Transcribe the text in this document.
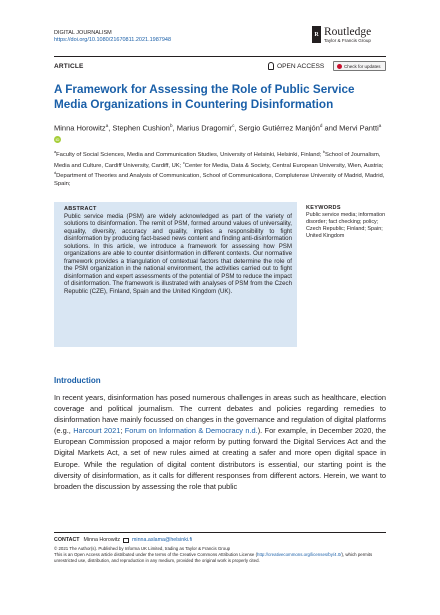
DIGITAL JOURNALISM
https://doi.org/10.1080/21670811.2021.1987948
R Routledge
Taylor & Francis Group
ARTICLE	OPEN ACCESS	Check for updates
A Framework for Assessing the Role of Public Service Media Organizations in Countering Disinformation
Minna Horowitz$^a$, Stephen Cushion$^b$, Marius Dragomir$^c$, Sergio Gutiérrez Manjón$^d$ and Mervi Pantti$^a$ iD
$^a$Faculty of Social Sciences, Media and Communication Studies, University of Helsinki, Helsinki, Finland; $^b$School of Journalism, Media and Culture, Cardiff University, Cardiff, UK; $^c$Center for Media, Data & Society, Central European University, Wien, Austria; $^d$Department of Theories and Analysis of Communication, School of Communications, Complutense University of Madrid, Madrid, Spain;
ABSTRACT

Public service media (PSM) are widely acknowledged as part of the variety of solutions to disinformation. The remit of PSM, formed around values of universality, equality, diversity, accuracy and quality, implies a responsibility to fight disinformation by producing fact-based news content and finding anti-disinformation solutions. In this article, we introduce a framework for assessing how PSM organizations are able to counter disinformation in different contexts. Our normative framework provides a triangulation of contextual factors that determine the role of the PSM organization in the national environment, the activities carried out to fight disinformation and expert assessments of the potential of PSM to reduce the impact of disinformation. The framework is illustrated with analyses of PSM from the Czech Republic (CZE), Finland, Spain and the United Kingdom (UK).

KEYWORDS

Public service media; information disorder; fact checking; policy; Czech Republic; Finland; Spain; United Kingdom

Introduction

In recent years, disinformation has posed numerous challenges in areas such as healthcare, election coverage and political journalism. The current debates and policies regarding remedies to disinformation have mainly focussed on changes in the governance and regulation of digital platforms (e.g., Harcourt 2021; Forum on Information & Democracy n.d.). For example, in December 2020, the European Commission proposed a major reform by putting forward the Digital Services Act and the Digital Markets Act, a set of new rules aimed at creating a safer and more open digital space in Europe. While the regulation of digital content distributors is essential, our starting point is the diversity of disinformation, as it calls for different responses from different actors. Herein, we want to broaden the discussion by assessing the role that public

CONTACT Minna Horowitz minna.aslama@helsinki.fi
© 2021 The Author(s). Published by Informa UK Limited, trading as Taylor & Francis Group
This is an Open Access article distributed under the terms of the Creative Commons Attribution License (http://creativecommons.org/licenses/by/4.0/), which permits unrestricted use, distribution, and reproduction in any medium, provided the original work is properly cited.
